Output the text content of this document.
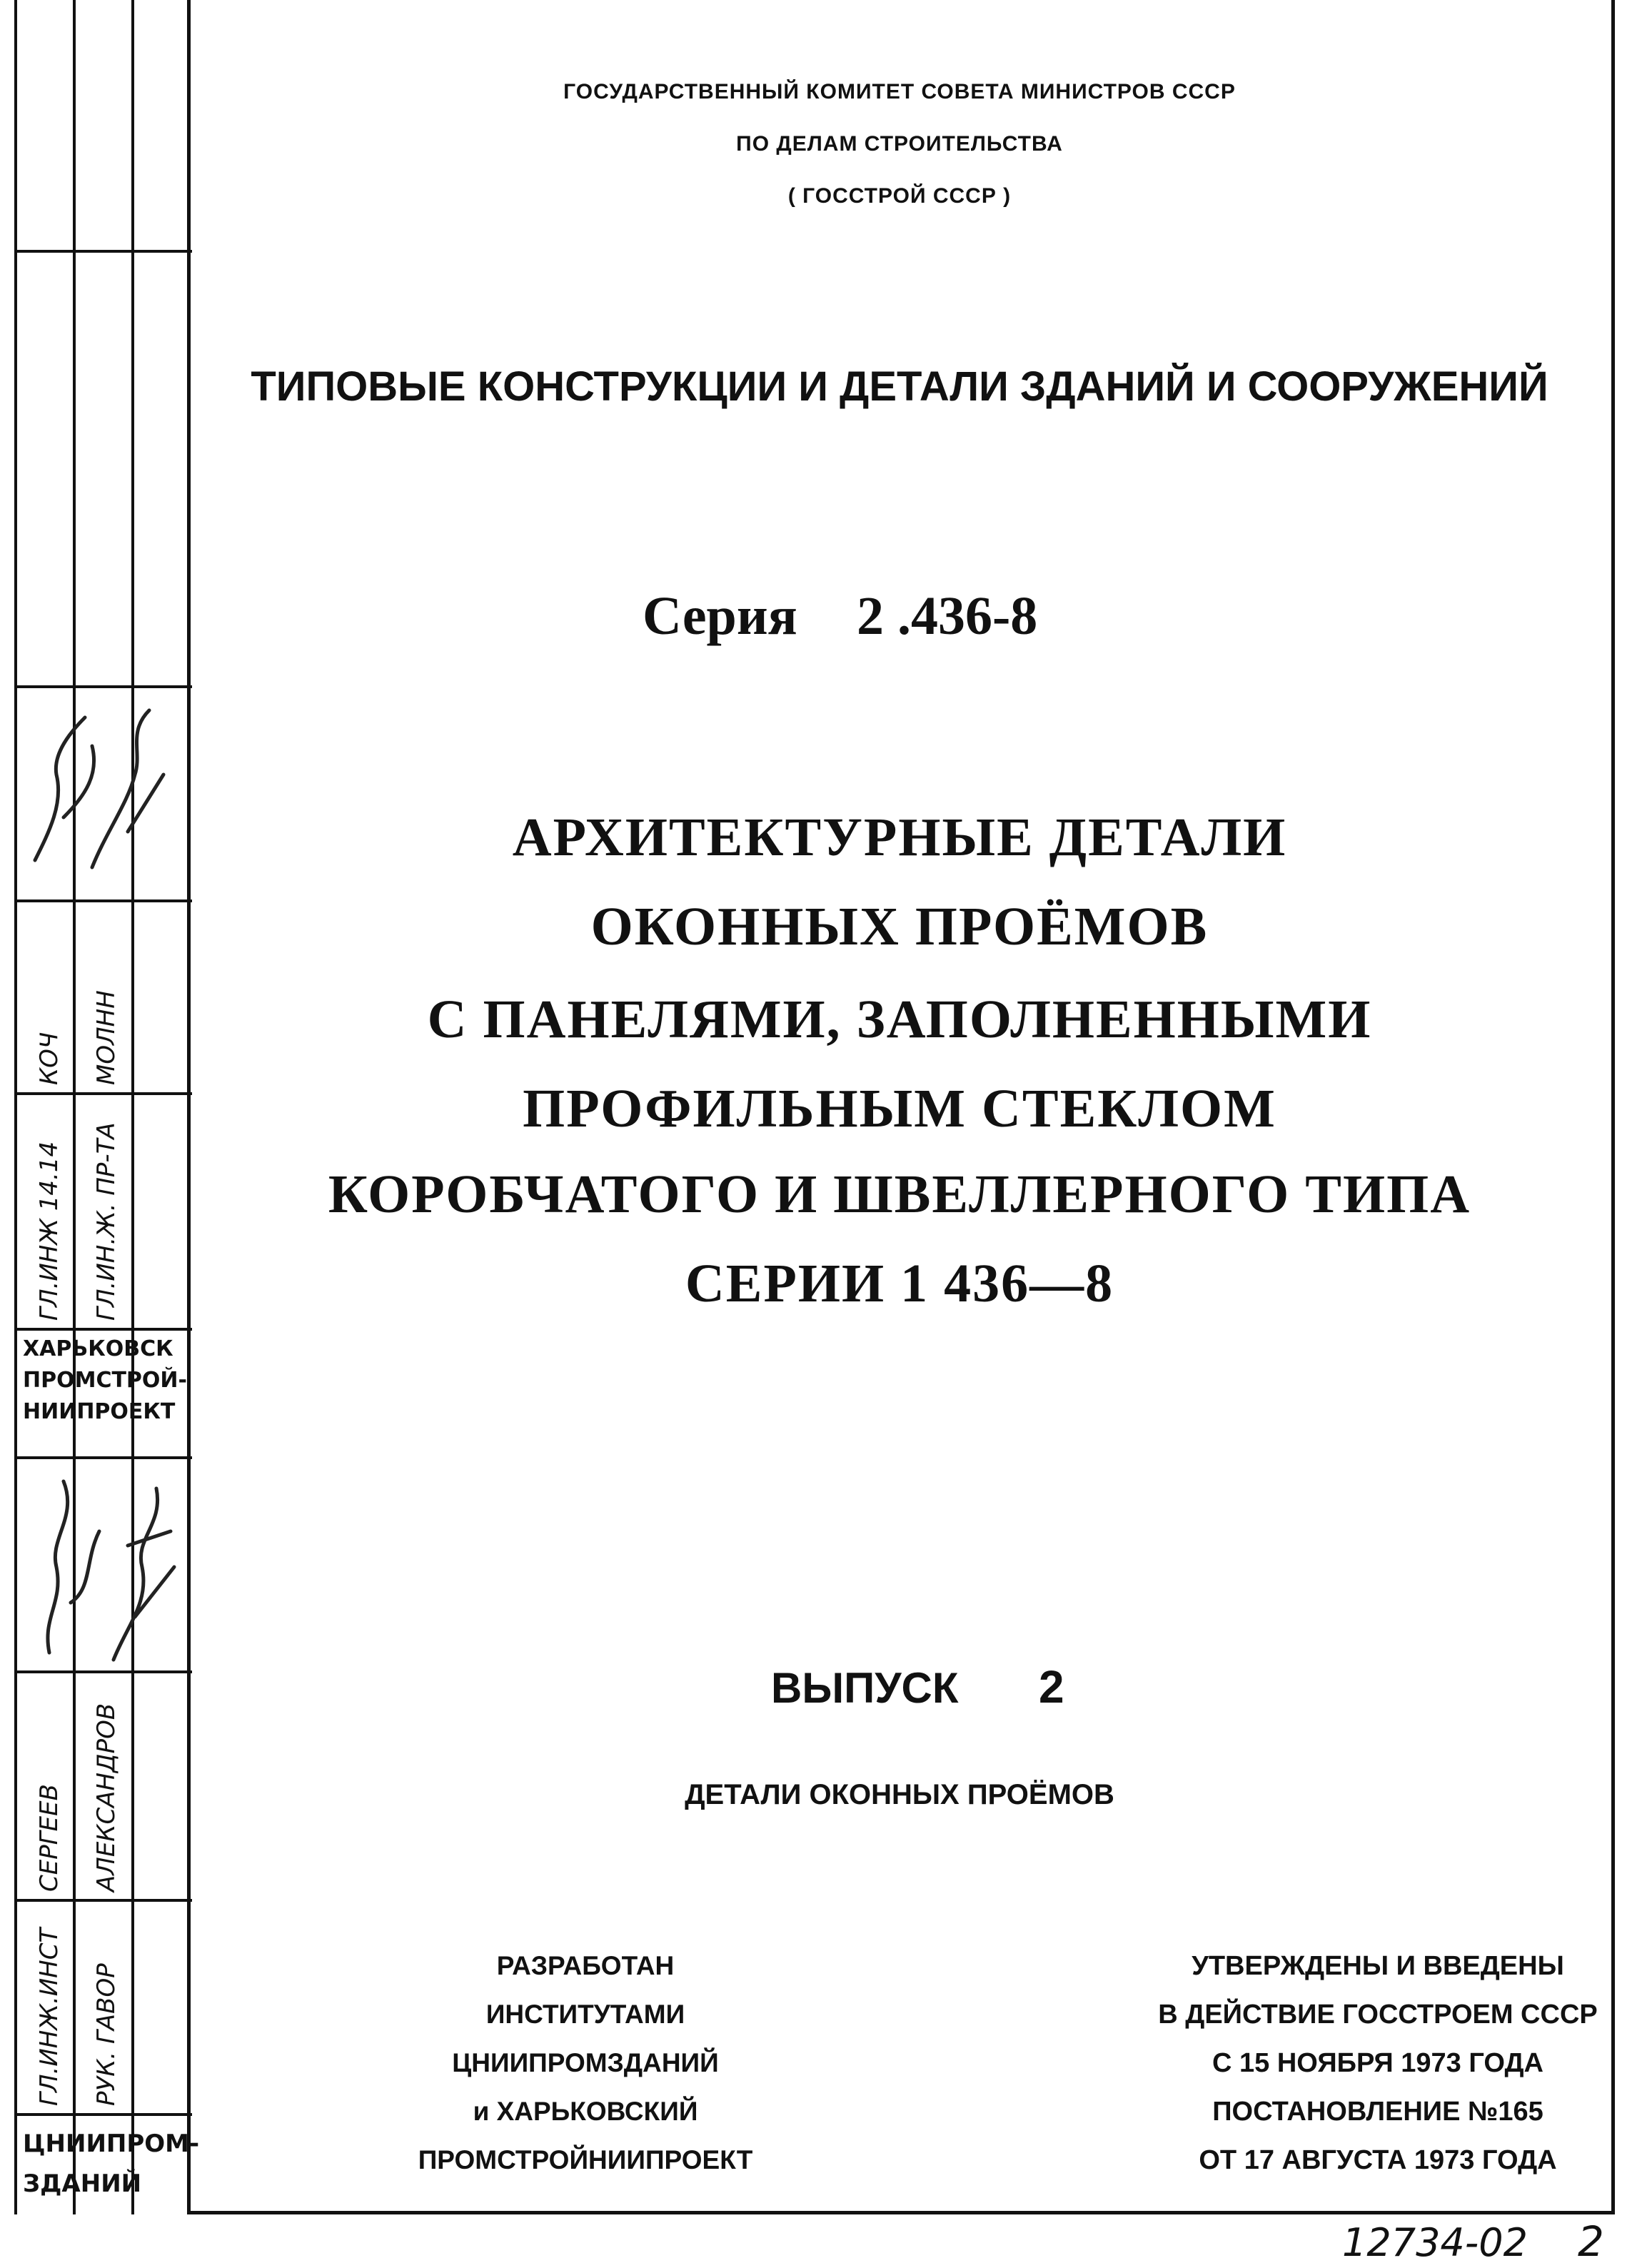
ГЛ.ИНЖ 14.14 ГЛ.ИН.Ж. ПР-ТА
КОЧ МОЛНН
ХАРЬКОВСК
ПРОМСТРОЙ-
НИИПРОЕКТ
ГЛ.ИНЖ.ИНСТ РУК. ГАВОР
СЕРГЕЕВ АЛЕКСАНДРОВ
ЦНИИПРОМ-
ЗДАНИЙ
ГОСУДАРСТВЕННЫЙ КОМИТЕТ СОВЕТА МИНИСТРОВ СССР
ПО ДЕЛАМ СТРОИТЕЛЬСТВА
( ГОССТРОЙ СССР )
ТИПОВЫЕ КОНСТРУКЦИИ И ДЕТАЛИ ЗДАНИЙ И СООРУЖЕНИЙ
Серия 2 .436-8
АРХИТЕКТУРНЫЕ ДЕТАЛИ
ОКОННЫХ ПРОЁМОВ
С ПАНЕЛЯМИ, ЗАПОЛНЕННЫМИ
ПРОФИЛЬНЫМ СТЕКЛОМ
КОРОБЧАТОГО И ШВЕЛЛЕРНОГО ТИПА
СЕРИИ 1 436—8
ВЫПУСК 2
ДЕТАЛИ ОКОННЫХ ПРОЁМОВ
РАЗРАБОТАН
ИНСТИТУТАМИ
ЦНИИПРОМЗДАНИЙ
и ХАРЬКОВСКИЙ
ПРОМСТРОЙНИИПРОЕКТ
УТВЕРЖДЕНЫ И ВВЕДЕНЫ
В ДЕЙСТВИЕ ГОССТРОЕМ СССР
С 15 НОЯБРЯ 1973 ГОДА
ПОСТАНОВЛЕНИЕ №165
ОТ 17 АВГУСТА 1973 ГОДА
12734-02 2
